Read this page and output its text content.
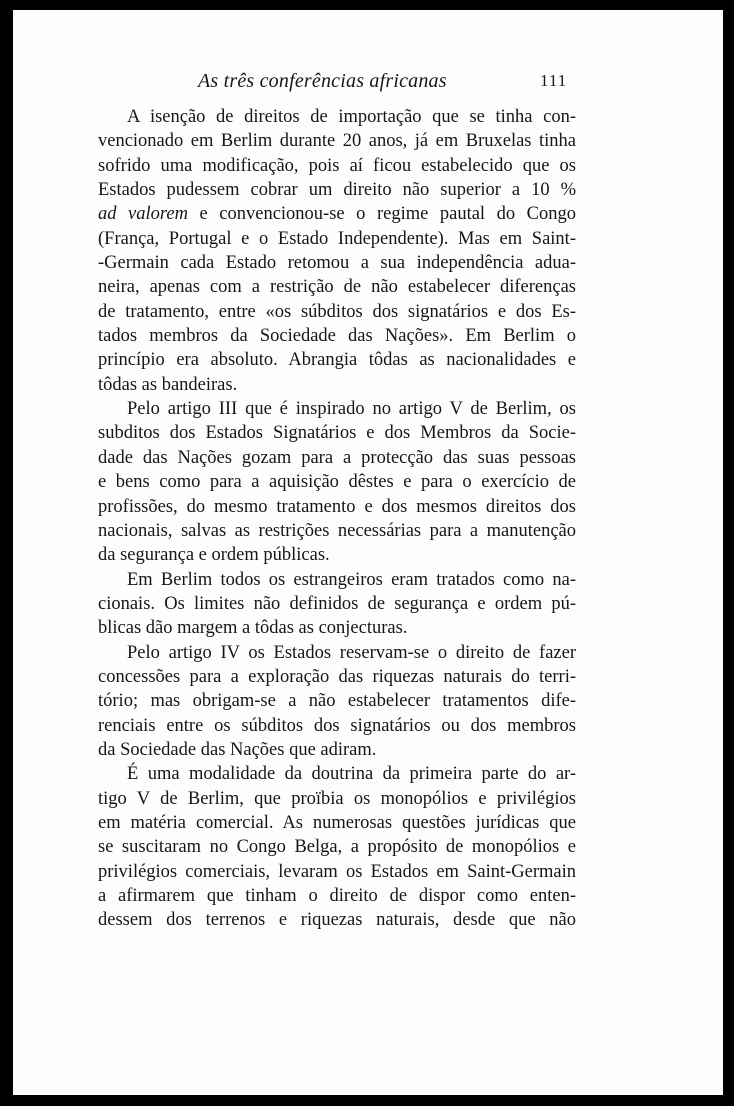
As três conferências africanas	111
A isenção de direitos de importação que se tinha con-
vencionado em Berlim durante 20 anos, já em Bruxelas tinha
sofrido uma modificação, pois aí ficou estabelecido que os
Estados pudessem cobrar um direito não superior a 10 %
ad valorem e convencionou-se o regime pautal do Congo
(França, Portugal e o Estado Independente). Mas em Saint-
-Germain cada Estado retomou a sua independência adua-
neira, apenas com a restrição de não estabelecer diferenças
de tratamento, entre «os súbditos dos signatários e dos Es-
tados membros da Sociedade das Nações». Em Berlim o
princípio era absoluto. Abrangia tôdas as nacionalidades e
tôdas as bandeiras.
Pelo artigo III que é inspirado no artigo V de Berlim, os
subditos dos Estados Signatários e dos Membros da Socie-
dade das Nações gozam para a protecção das suas pessoas
e bens como para a aquisição dêstes e para o exercício de
profissões, do mesmo tratamento e dos mesmos direitos dos
nacionais, salvas as restrições necessárias para a manutenção
da segurança e ordem públicas.
Em Berlim todos os estrangeiros eram tratados como na-
cionais. Os limites não definidos de segurança e ordem pú-
blicas dão margem a tôdas as conjecturas.
Pelo artigo IV os Estados reservam-se o direito de fazer
concessões para a exploração das riquezas naturais do terri-
tório; mas obrigam-se a não estabelecer tratamentos dife-
renciais entre os súbditos dos signatários ou dos membros
da Sociedade das Nações que adiram.
É uma modalidade da doutrina da primeira parte do ar-
tigo V de Berlim, que proïbia os monopólios e privilégios
em matéria comercial. As numerosas questões jurídicas que
se suscitaram no Congo Belga, a propósito de monopólios e
privilégios comerciais, levaram os Estados em Saint-Germain
a afirmarem que tinham o direito de dispor como enten-
dessem dos terrenos e riquezas naturais, desde que não
